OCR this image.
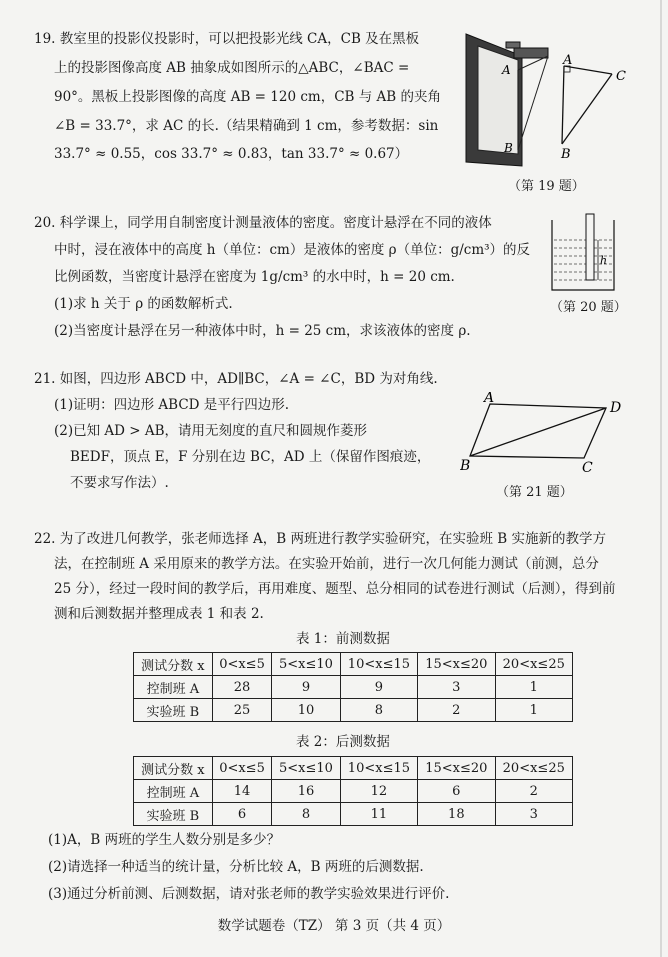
19. 教室里的投影仪投影时，可以把投影光线 CA，CB 及在黑板
上的投影图像高度 AB 抽象成如图所示的△ABC，∠BAC =
90°。黑板上投影图像的高度 AB = 120 cm，CB 与 AB 的夹角
∠B = 33.7°，求 AC 的长.（结果精确到 1 cm，参考数据：sin
33.7° ≈ 0.55，cos 33.7° ≈ 0.83，tan 33.7° ≈ 0.67）
A
B
A
B
C
（第 19 题）
20. 科学课上，同学用自制密度计测量液体的密度。密度计悬浮在不同的液体
中时，浸在液体中的高度 h（单位：cm）是液体的密度 ρ（单位：g/cm³）的反
比例函数，当密度计悬浮在密度为 1g/cm³ 的水中时，h = 20 cm.
(1)求 h 关于 ρ 的函数解析式.
(2)当密度计悬浮在另一种液体中时，h = 25 cm，求该液体的密度 ρ.
h
（第 20 题）
21. 如图，四边形 ABCD 中，AD∥BC，∠A = ∠C，BD 为对角线.
(1)证明：四边形 ABCD 是平行四边形.
(2)已知 AD > AB，请用无刻度的直尺和圆规作菱形
BEDF，顶点 E，F 分别在边 BC，AD 上（保留作图痕迹，
不要求写作法）.
A
D
B	C
（第 21 题）
22. 为了改进几何教学，张老师选择 A，B 两班进行教学实验研究，在实验班 B 实施新的教学方
法，在控制班 A 采用原来的教学方法。在实验开始前，进行一次几何能力测试（前测，总分
25 分），经过一段时间的教学后，再用难度、题型、总分相同的试卷进行测试（后测），得到前
测和后测数据并整理成表 1 和表 2.
表 1：前测数据
测试分数 x	0<x≤5	5<x≤10	10<x≤15	15<x≤20	20<x≤25
控制班 A	28	9	9	3	1
实验班 B	25	10	8	2	1
表 2：后测数据
测试分数 x	0<x≤5	5<x≤10	10<x≤15	15<x≤20	20<x≤25
控制班 A	14	16	12	6	2
实验班 B	6	8	11	18	3
(1)A，B 两班的学生人数分别是多少？
(2)请选择一种适当的统计量，分析比较 A，B 两班的后测数据.
(3)通过分析前测、后测数据，请对张老师的教学实验效果进行评价.
数学试题卷（TZ） 第 3 页（共 4 页）
